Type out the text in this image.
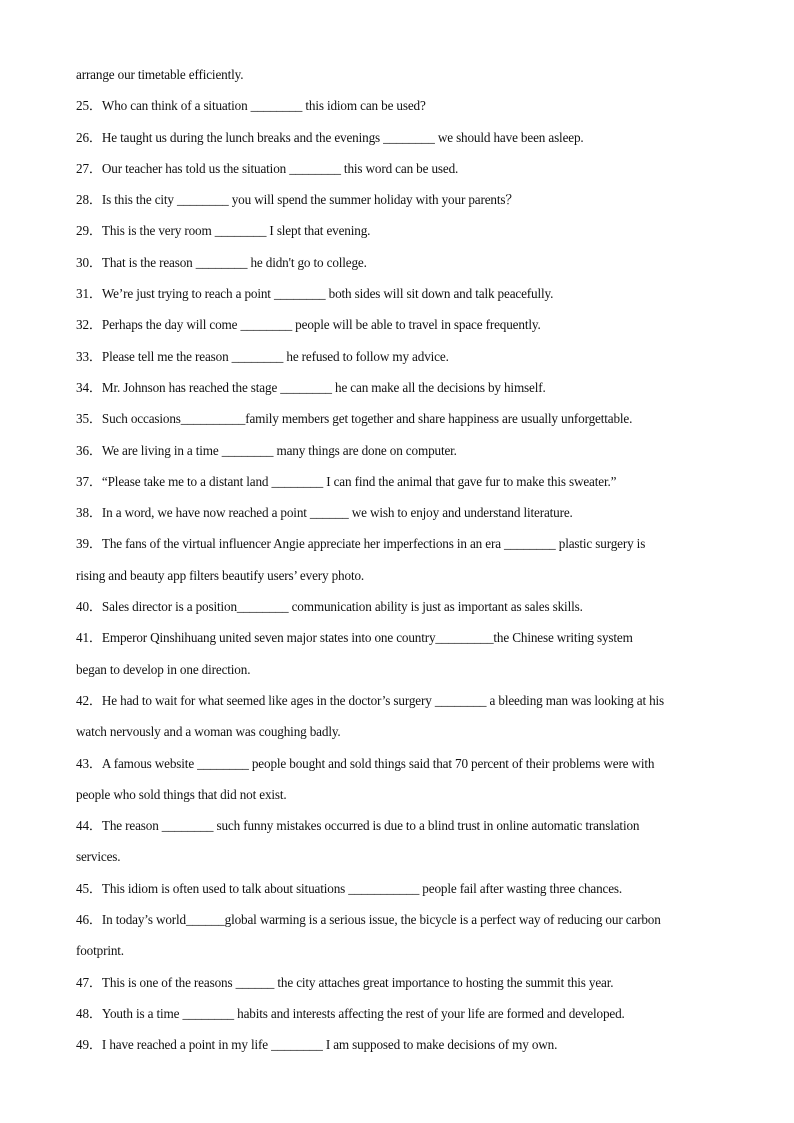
arrange our timetable efficiently.
25．Who can think of a situation ________ this idiom can be used?
26．He taught us during the lunch breaks and the evenings ________ we should have been asleep.
27．Our teacher has told us the situation ________ this word can be used.
28．Is this the city ________ you will spend the summer holiday with your parents？
29．This is the very room ________ I slept that evening.
30．That is the reason ________ he didn't go to college.
31．We’re just trying to reach a point ________ both sides will sit down and talk peacefully.
32．Perhaps the day will come ________ people will be able to travel in space frequently.
33．Please tell me the reason ________ he refused to follow my advice.
34．Mr. Johnson has reached the stage ________ he can make all the decisions by himself.
35．Such occasions__________family members get together and share happiness are usually unforgettable.
36．We are living in a time ________ many things are done on computer.
37．“Please take me to a distant land ________ I can find the animal that gave fur to make this sweater.”
38．In a word, we have now reached a point ______ we wish to enjoy and understand literature.
39．The fans of the virtual influencer Angie appreciate her imperfections in an era ________ plastic surgery is
rising and beauty app filters beautify users’ every photo.
40．Sales director is a position________ communication ability is just as important as sales skills.
41．Emperor Qinshihuang united seven major states into one country_________the Chinese writing system
began to develop in one direction.
42．He had to wait for what seemed like ages in the doctor’s surgery ________ a bleeding man was looking at his
watch nervously and a woman was coughing badly.
43．A famous website ________ people bought and sold things said that 70 percent of their problems were with
people who sold things that did not exist.
44．The reason ________ such funny mistakes occurred is due to a blind trust in online automatic translation
services.
45．This idiom is often used to talk about situations ___________ people fail after wasting three chances.
46．In today’s world______global warming is a serious issue, the bicycle is a perfect way of reducing our carbon
footprint.
47．This is one of the reasons ______ the city attaches great importance to hosting the summit this year.
48．Youth is a time ________ habits and interests affecting the rest of your life are formed and developed.
49．I have reached a point in my life ________ I am supposed to make decisions of my own.
